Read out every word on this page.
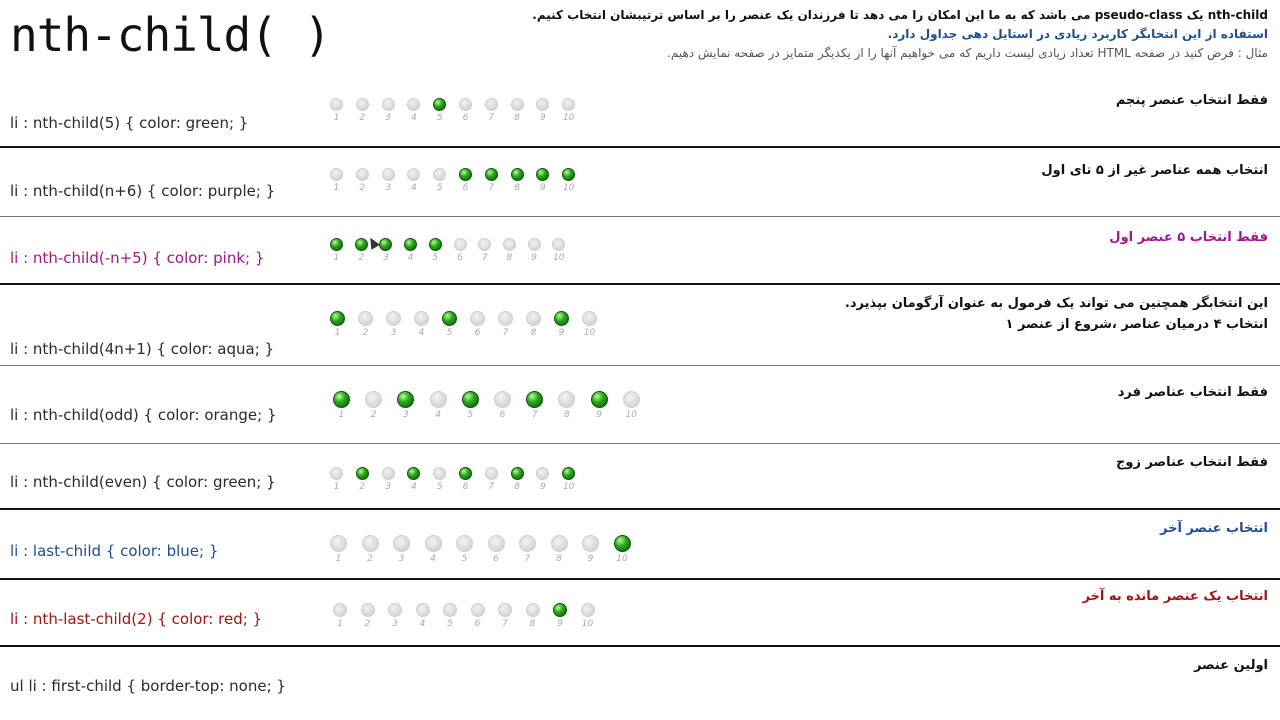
nth-child( )	nth-child یک pseudo-class می باشد که به ما این امکان را می دهد تا فرزندان یک عنصر را بر اساس ترتیبشان انتخاب کنیم.
استفاده از این انتخابگر کاربرد زیادی در استایل دهی جداول دارد.
مثال : فرض کنید در صفحه HTML تعداد زیادی لیست داریم که می خواهیم آنها را از یکدیگر متمایز در صفحه نمایش دهیم.
li : nth-child(5) { color: green; }
فقط انتخاب عنصر پنجم
1	2	3	4	5	6	7	8	9	10
li : nth-child(n+6) { color: purple; }
انتخاب همه عناصر غیر از ۵ تای اول
1	2	3	4	5	6	7	8	9	10
li : nth-child(-n+5) { color: pink; }
فقط انتخاب ۵ عنصر اول
1	2	3	4	5	6	7	8	9	10
li : nth-child(4n+1) { color: aqua; }
این انتخابگر همچنین می تواند یک فرمول به عنوان آرگومان بپذیرد.
انتخاب ۴ درمیان عناصر ،شروع از عنصر ۱
1	2	3	4	5	6	7	8	9	10
li : nth-child(odd) { color: orange; }
فقط انتخاب عناصر فرد
1	2	3	4	5	6	7	8	9	10
li : nth-child(even) { color: green; }
فقط انتخاب عناصر زوج
1	2	3	4	5	6	7	8	9	10
li : last-child { color: blue; }
انتخاب عنصر آخر
1	2	3	4	5	6	7	8	9	10
li : nth-last-child(2) { color: red; }
انتخاب یک عنصر مانده به آخر
1	2	3	4	5	6	7	8	9	10
ul li : first-child { border-top: none; }
اولین عنصر
